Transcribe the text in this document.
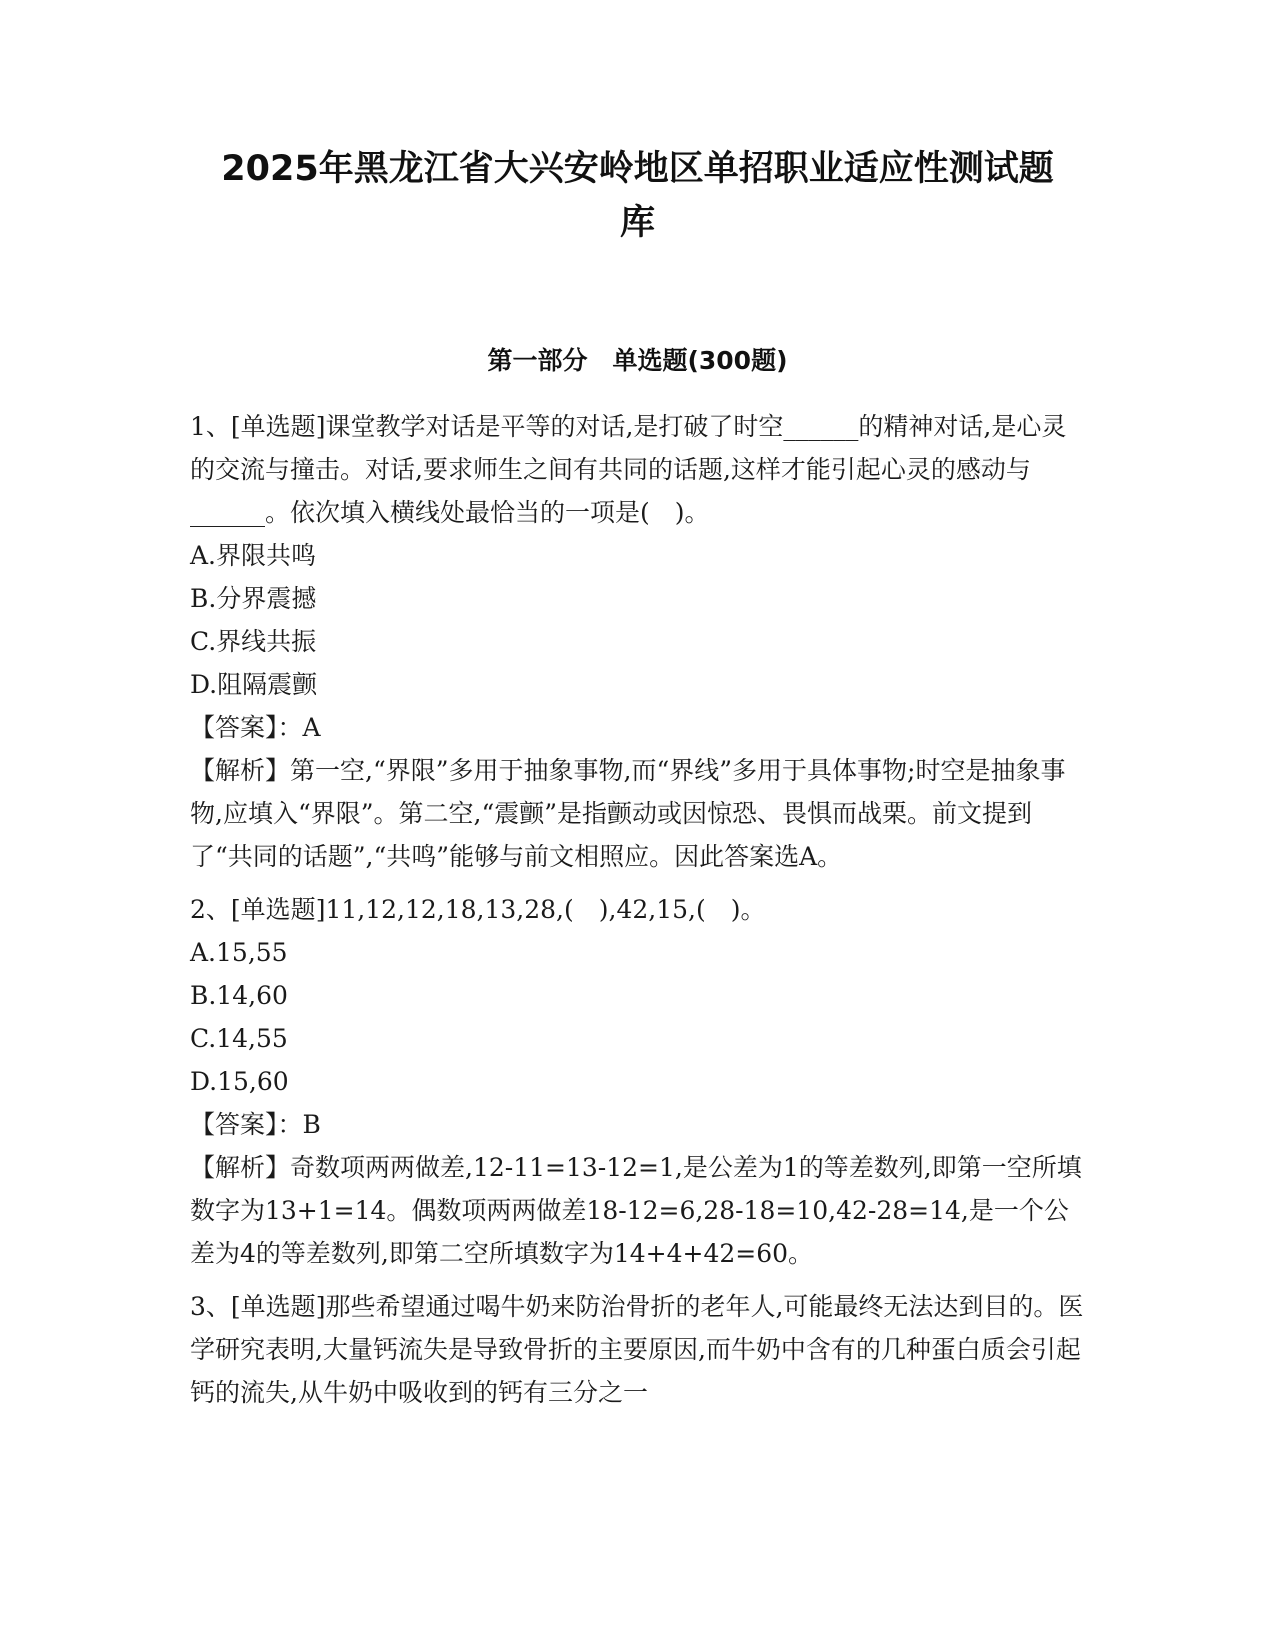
2025年黑龙江省大兴安岭地区单招职业适应性测试题
库
第一部分　单选题(300题)
1、 [ 单选题 ] 课堂教学对话是平等的对话,是打破了时空______的精神对话,是心灵的交流与撞击。对话,要求师生之间有共同的话题,这样才能引起心灵的感动与______。依次填入横线处最恰当的一项是(　)。
A.界限共鸣
B.分界震撼
C.界线共振
D.阻隔震颤
【答案】：A
【解析】第一空,“界限”多用于抽象事物,而“界线”多用于具体事物;时空是抽象事物,应填入“界限”。第二空,“震颤”是指颤动或因惊恐、畏惧而战栗。前文提到了“共同的话题”,“共鸣”能够与前文相照应。因此答案选A。
2、 [ 单选题 ] 11,12,12,18,13,28,(　),42,15,(　)。
A.15,55
B.14,60
C.14,55
D.15,60
【答案】：B
【解析】奇数项两两做差,12-11=13-12=1,是公差为1的等差数列,即第一空所填数字为13+1=14。偶数项两两做差18-12=6,28-18=10,42-28=14,是一个公差为4的等差数列,即第二空所填数字为14+4+42=60。
3、 [ 单选题 ] 那些希望通过喝牛奶来防治骨折的老年人,可能最终无法达到目的。医学研究表明,大量钙流失是导致骨折的主要原因,而牛奶中含有的几种蛋白质会引起钙的流失,从牛奶中吸收到的钙有三分之一
